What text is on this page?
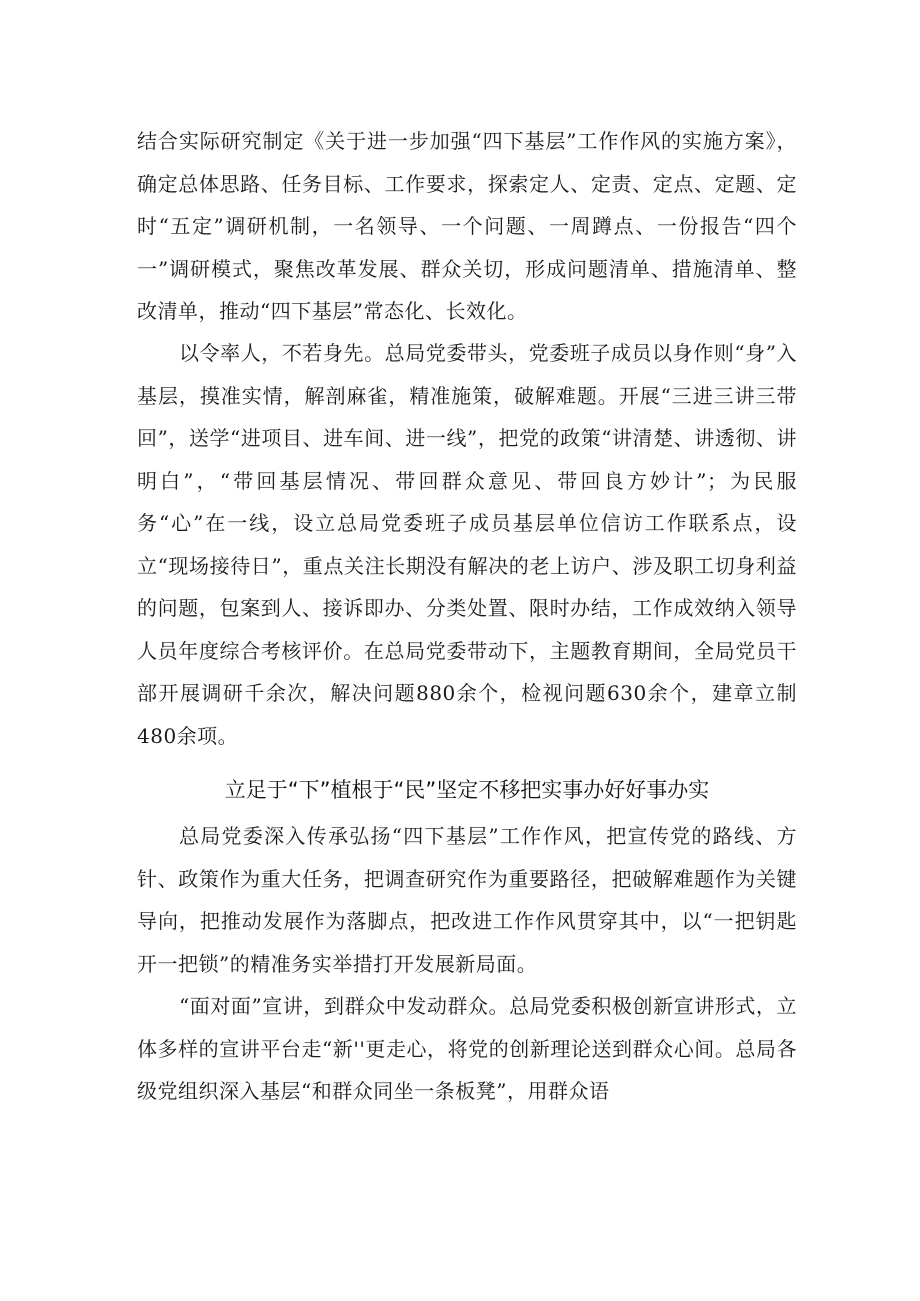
结合实际研究制定《关于进一步加强“四下基层”工作作风的实施方案》，确定总体思路、任务目标、工作要求，探索定人、定责、定点、定题、定时“五定”调研机制，一名领导、一个问题、一周蹲点、一份报告“四个一”调研模式，聚焦改革发展、群众关切，形成问题清单、措施清单、整改清单，推动“四下基层”常态化、长效化。

以令率人，不若身先。总局党委带头，党委班子成员以身作则“身”入基层，摸准实情，解剖麻雀，精准施策，破解难题。开展“三进三讲三带回”，送学“进项目、进车间、进一线”，把党的政策“讲清楚、讲透彻、讲明白”，“带回基层情况、带回群众意见、带回良方妙计”；为民服务“心”在一线，设立总局党委班子成员基层单位信访工作联系点，设立“现场接待日”，重点关注长期没有解决的老上访户、涉及职工切身利益的问题，包案到人、接诉即办、分类处置、限时办结，工作成效纳入领导人员年度综合考核评价。在总局党委带动下，主题教育期间，全局党员干部开展调研千余次，解决问题880余个，检视问题630余个，建章立制480余项。

立足于“下”植根于“民”坚定不移把实事办好好事办实

总局党委深入传承弘扬“四下基层”工作作风，把宣传党的路线、方针、政策作为重大任务，把调查研究作为重要路径，把破解难题作为关键导向，把推动发展作为落脚点，把改进工作作风贯穿其中，以“一把钥匙开一把锁”的精准务实举措打开发展新局面。

“面对面”宣讲，到群众中发动群众。总局党委积极创新宣讲形式，立体多样的宣讲平台走“新''更走心，将党的创新理论送到群众心间。总局各级党组织深入基层“和群众同坐一条板凳”，用群众语
